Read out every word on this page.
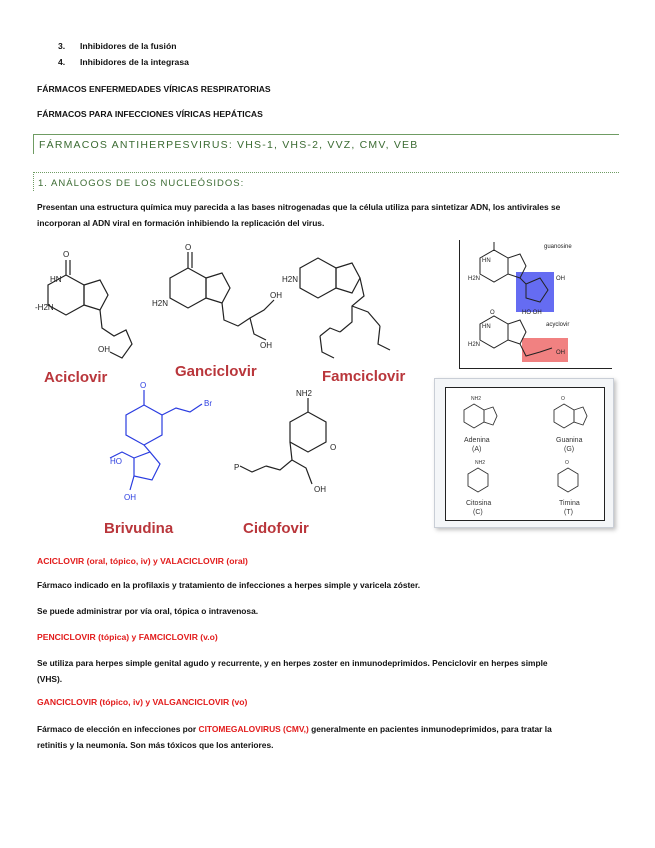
3. Inhibidores de la fusión
4. Inhibidores de la integrasa
FÁRMACOS ENFERMEDADES VÍRICAS RESPIRATORIAS
FÁRMACOS PARA INFECCIONES VÍRICAS HEPÁTICAS
FÁRMACOS ANTIHERPESVIRUS: VHS-1, VHS-2, VVZ, CMV, VEB
1. ANÁLOGOS DE LOS NUCLEÓSIDOS:
Presentan una estructura química muy parecida a las bases nitrogenadas que la célula utiliza para sintetizar ADN, los antivirales se
incorporan al ADN viral en formación inhibiendo la replicación del virus.
O
-H2N
HN
OH
O
H2N
OH
OH
H2N
NH2
O
P
OH
O
Br
HO
OH
Aciclovir	Ganciclovir	Famciclovir
Brivudina	Cidofovir
guanosine
acyclovir
HN
H2N	OH
HO OH
O
HN
H2N
OH
Adenina
(A)
Guanina
(G)
Citosina
(C)
Timina
(T)
NH2	O
NH2	O
ACICLOVIR (oral, tópico, iv) y VALACICLOVIR (oral)
Fármaco indicado en la profilaxis y tratamiento de infecciones a herpes simple y varicela zóster.
Se puede administrar por vía oral, tópica o intravenosa.
PENCICLOVIR (tópica) y FAMCICLOVIR (v.o)
Se utiliza para herpes simple genital agudo y recurrente, y en herpes zoster en inmunodeprimidos. Penciclovir en herpes simple
(VHS).
GANCICLOVIR (tópico, iv) y VALGANCICLOVIR (vo)
Fármaco de elección en infecciones por CITOMEGALOVIRUS (CMV,) generalmente en pacientes inmunodeprimidos, para tratar la
retinitis y la neumonía. Son más tóxicos que los anteriores.
